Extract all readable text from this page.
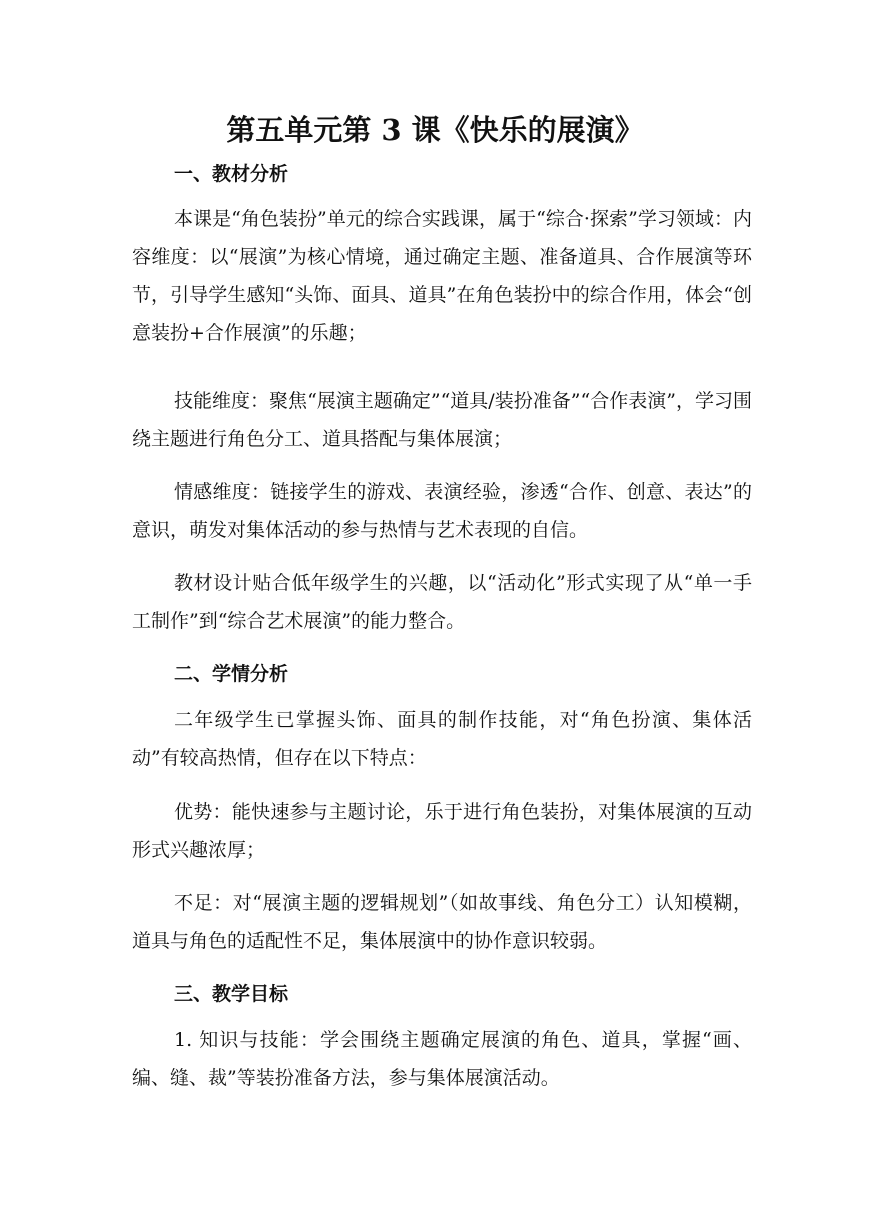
第五单元第 3 课《快乐的展演》
一、教材分析

本课是“角色装扮”单元的综合实践课，属于“综合·探索”学习领域：内容维度：以“展演”为核心情境，通过确定主题、准备道具、合作展演等环节，引导学生感知“头饰、面具、道具”在角色装扮中的综合作用，体会“创意装扮+合作展演”的乐趣；

技能维度：聚焦“展演主题确定”“道具/装扮准备”“合作表演”，学习围绕主题进行角色分工、道具搭配与集体展演；

情感维度：链接学生的游戏、表演经验，渗透“合作、创意、表达”的意识，萌发对集体活动的参与热情与艺术表现的自信。

教材设计贴合低年级学生的兴趣，以“活动化”形式实现了从“单一手工制作”到“综合艺术展演”的能力整合。

二、学情分析

二年级学生已掌握头饰、面具的制作技能，对“角色扮演、集体活动”有较高热情，但存在以下特点：

优势：能快速参与主题讨论，乐于进行角色装扮，对集体展演的互动形式兴趣浓厚；

不足：对“展演主题的逻辑规划”（如故事线、角色分工）认知模糊，道具与角色的适配性不足，集体展演中的协作意识较弱。

三、教学目标

1. 知识与技能：学会围绕主题确定展演的角色、道具，掌握“画、编、缝、裁”等装扮准备方法，参与集体展演活动。
